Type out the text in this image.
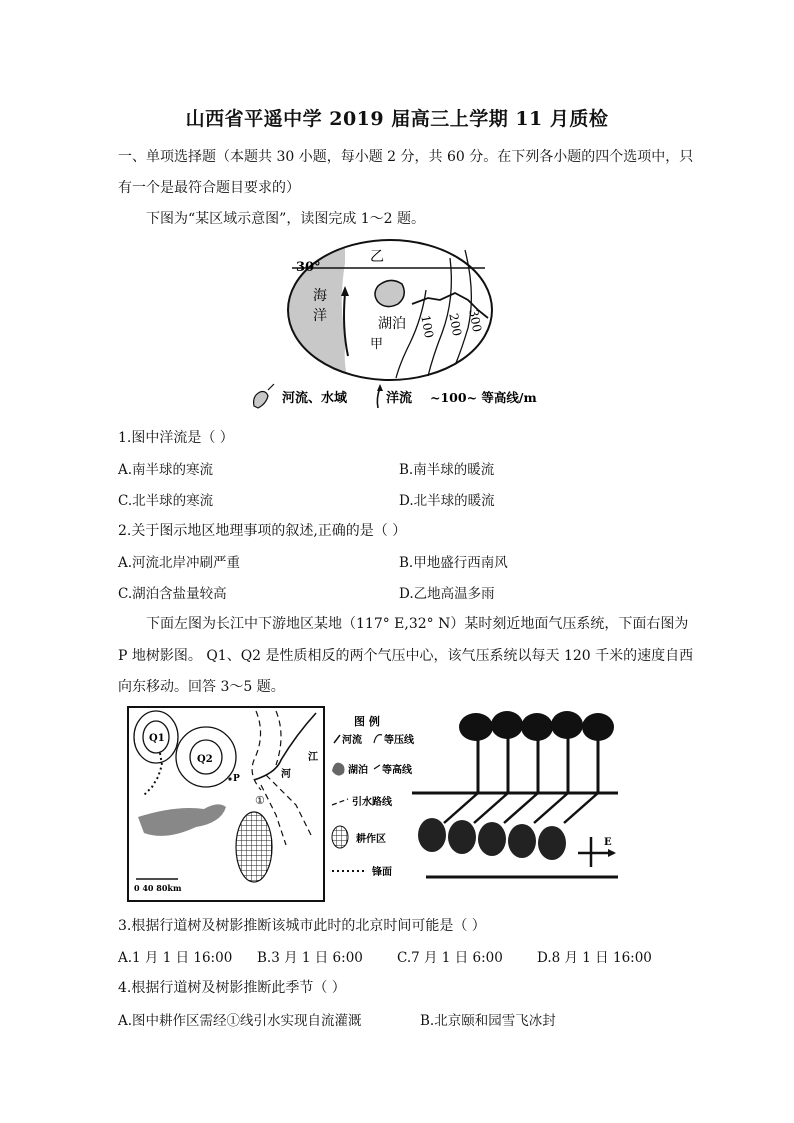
山西省平遥中学 2019 届高三上学期 11 月质检
一、单项选择题（本题共 30 小题，每小题 2 分，共 60 分。在下列各小题的四个选项中，只
有一个是最符合题目要求的）
下图为“某区域示意图”，读图完成 1～2 题。
30°
乙
海
洋	湖泊
甲
100 200 300
河流、水域	洋流 ~100~ 等高线/m
1.图中洋流是（ ）
A.南半球的寒流	B.南半球的暖流
C.北半球的寒流	D.北半球的暖流
2.关于图示地区地理事项的叙述,正确的是（ ）
A.河流北岸冲刷严重	B.甲地盛行西南风
C.湖泊含盐量较高	D.乙地高温多雨
下面左图为长江中下游地区某地（117° E,32° N）某时刻近地面气压系统，下面右图为
P 地树影图。 Q1、Q2 是性质相反的两个气压中心，该气压系统以每天 120 千米的速度自西
向东移动。回答 3～5 题。
Q1
Q2
P
①
江
河
0 40 80km
图 例
河流 等压线
湖泊 等高线
引水路线
耕作区
锋面
E
3.根据行道树及树影推断该城市此时的北京时间可能是（ ）
A.1 月 1 日 16:00 B.3 月 1 日 6:00	C.7 月 1 日 6:00	D.8 月 1 日 16:00
4.根据行道树及树影推断此季节（ ）
A.图中耕作区需经①线引水实现自流灌溉	B.北京颐和园雪飞冰封
